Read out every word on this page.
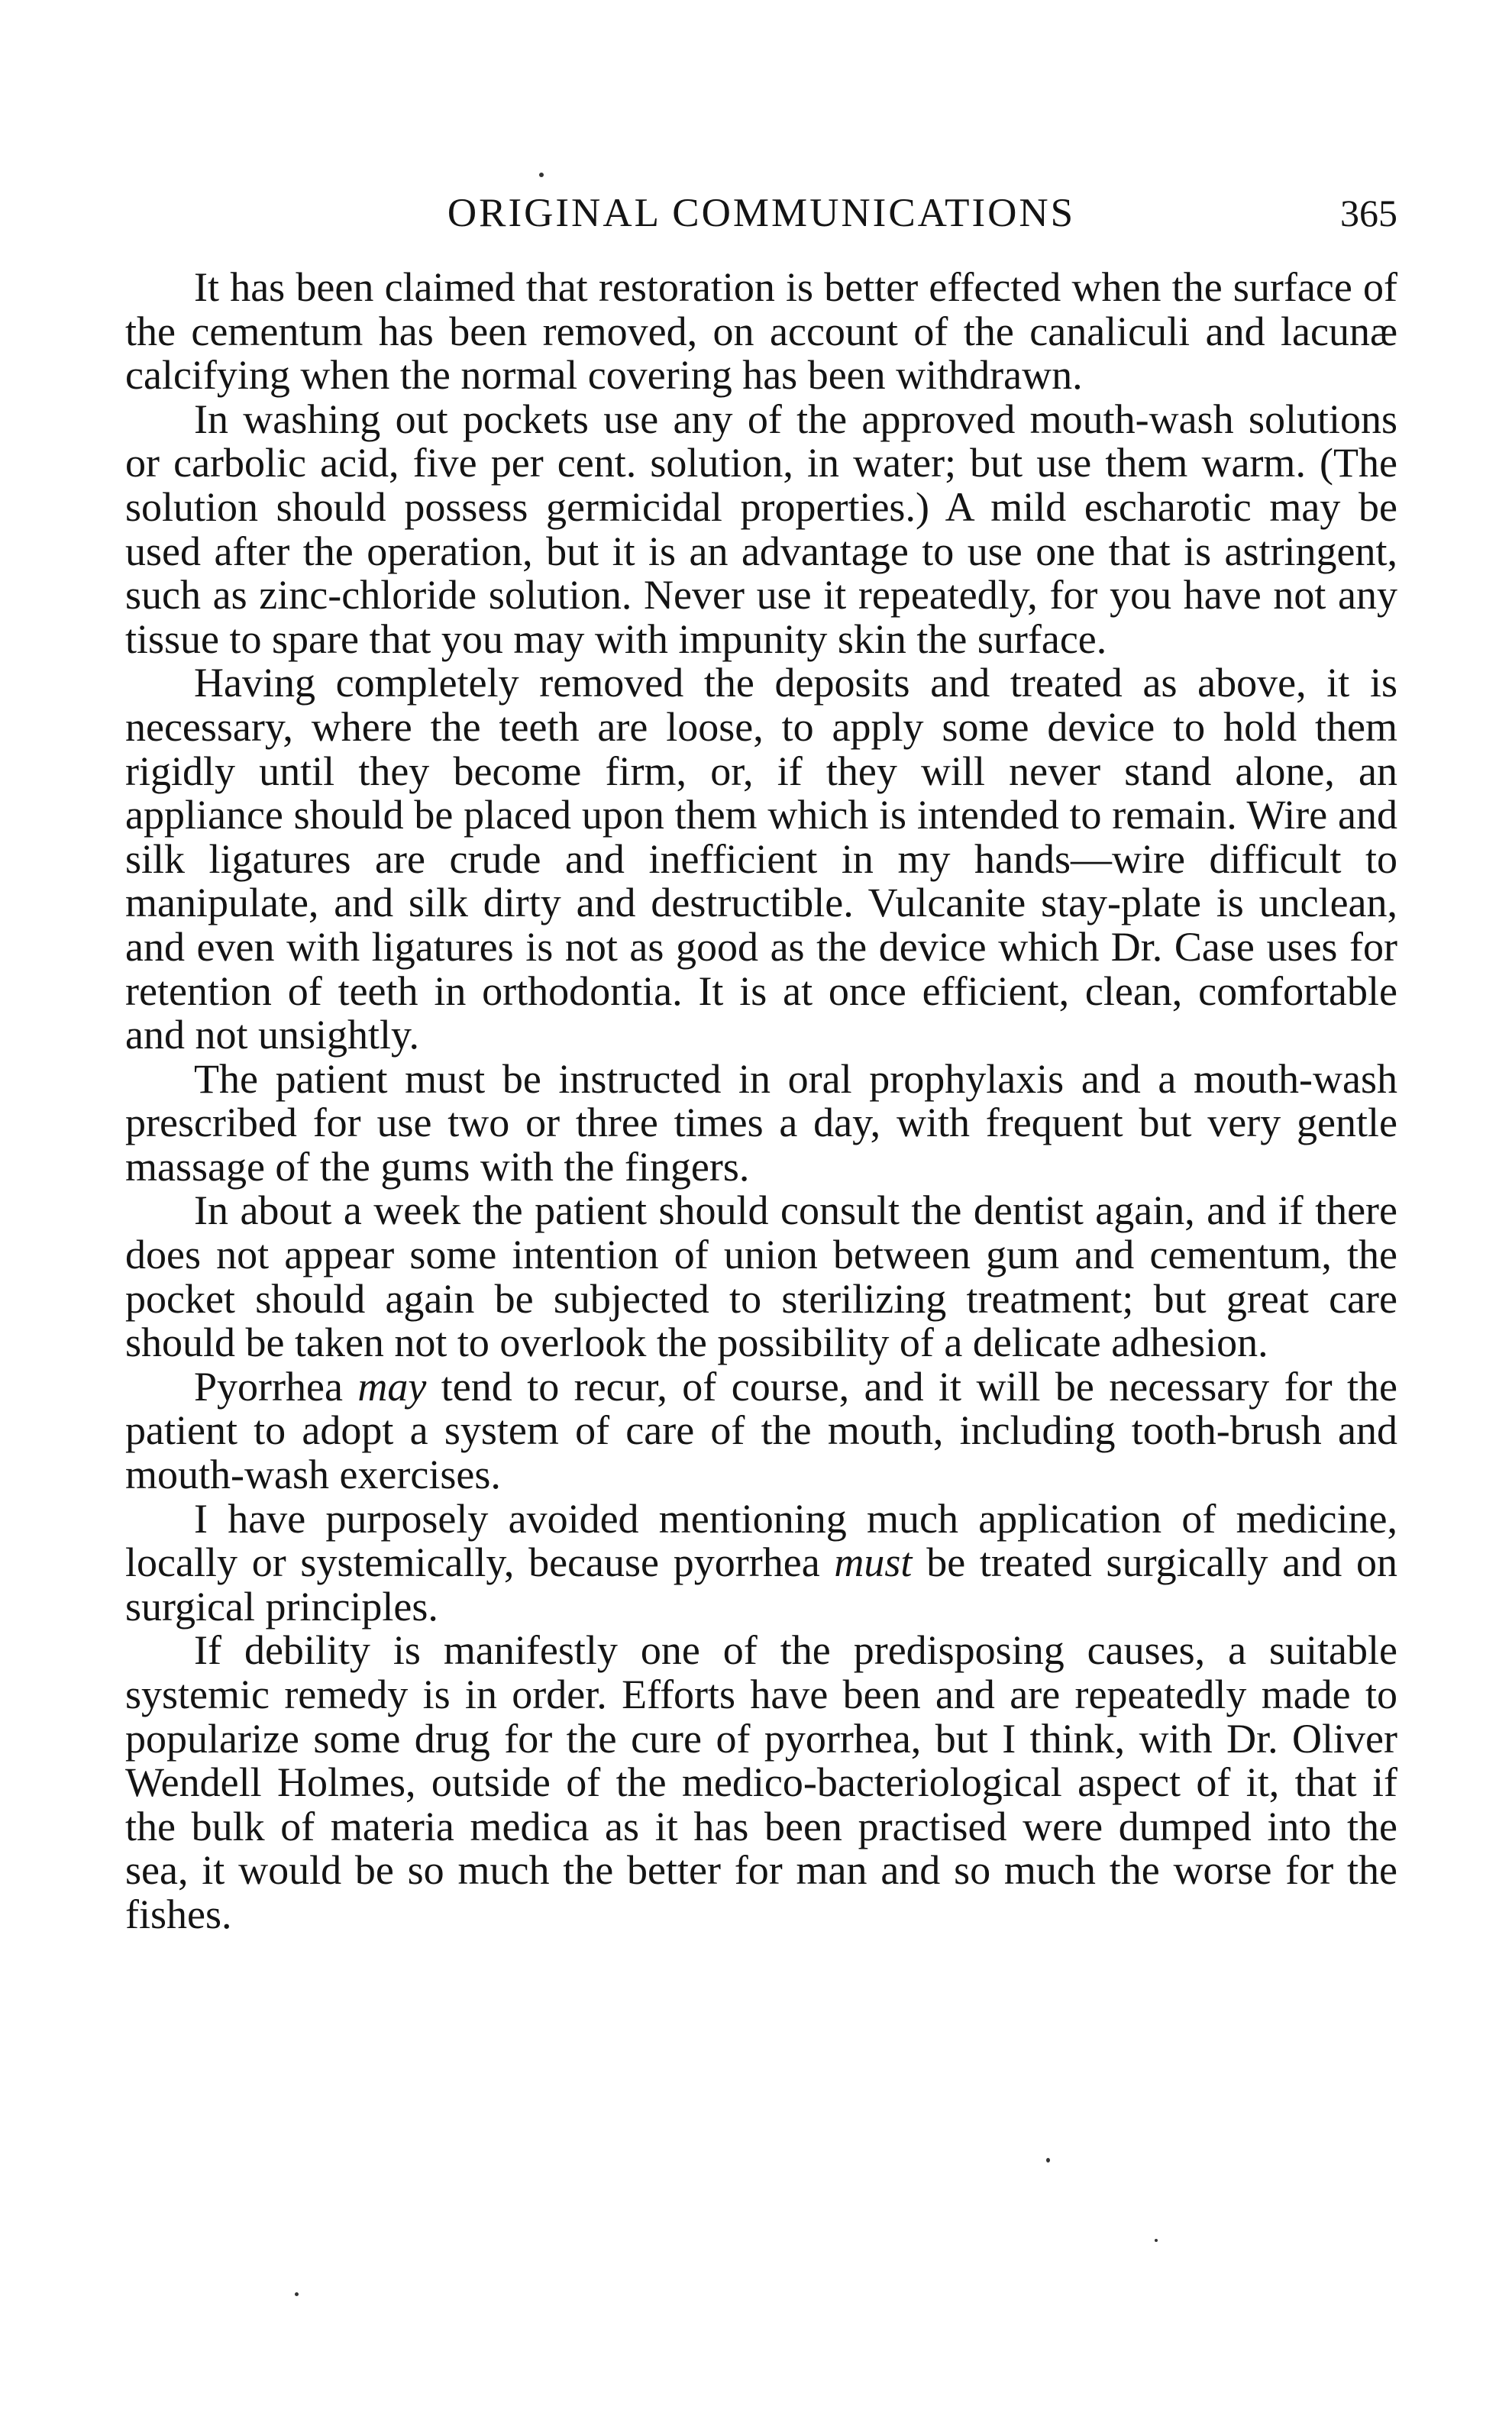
ORIGINAL COMMUNICATIONS	365

It has been claimed that restoration is better effected when the surface of the cementum has been removed, on account of the canaliculi and lacunæ calcifying when the normal covering has been withdrawn.

In washing out pockets use any of the approved mouth-wash solutions or carbolic acid, five per cent. solution, in water; but use them warm. (The solution should possess germicidal properties.) A mild escharotic may be used after the operation, but it is an advantage to use one that is astringent, such as zinc-chloride solution. Never use it repeatedly, for you have not any tissue to spare that you may with impunity skin the surface.

Having completely removed the deposits and treated as above, it is necessary, where the teeth are loose, to apply some device to hold them rigidly until they become firm, or, if they will never stand alone, an appliance should be placed upon them which is intended to remain. Wire and silk ligatures are crude and inefficient in my hands—wire difficult to manipulate, and silk dirty and destructible. Vulcanite stay-plate is unclean, and even with ligatures is not as good as the device which Dr. Case uses for retention of teeth in orthodontia. It is at once efficient, clean, comfortable and not unsightly.

The patient must be instructed in oral prophylaxis and a mouth-wash prescribed for use two or three times a day, with frequent but very gentle massage of the gums with the fingers.

In about a week the patient should consult the dentist again, and if there does not appear some intention of union between gum and cementum, the pocket should again be subjected to sterilizing treatment; but great care should be taken not to overlook the possibility of a delicate adhesion.

Pyorrhea may tend to recur, of course, and it will be necessary for the patient to adopt a system of care of the mouth, including tooth-brush and mouth-wash exercises.

I have purposely avoided mentioning much application of medicine, locally or systemically, because pyorrhea must be treated surgically and on surgical principles.

If debility is manifestly one of the predisposing causes, a suitable systemic remedy is in order. Efforts have been and are repeatedly made to popularize some drug for the cure of pyorrhea, but I think, with Dr. Oliver Wendell Holmes, outside of the medico-bacteriological aspect of it, that if the bulk of materia medica as it has been practised were dumped into the sea, it would be so much the better for man and so much the worse for the fishes.
